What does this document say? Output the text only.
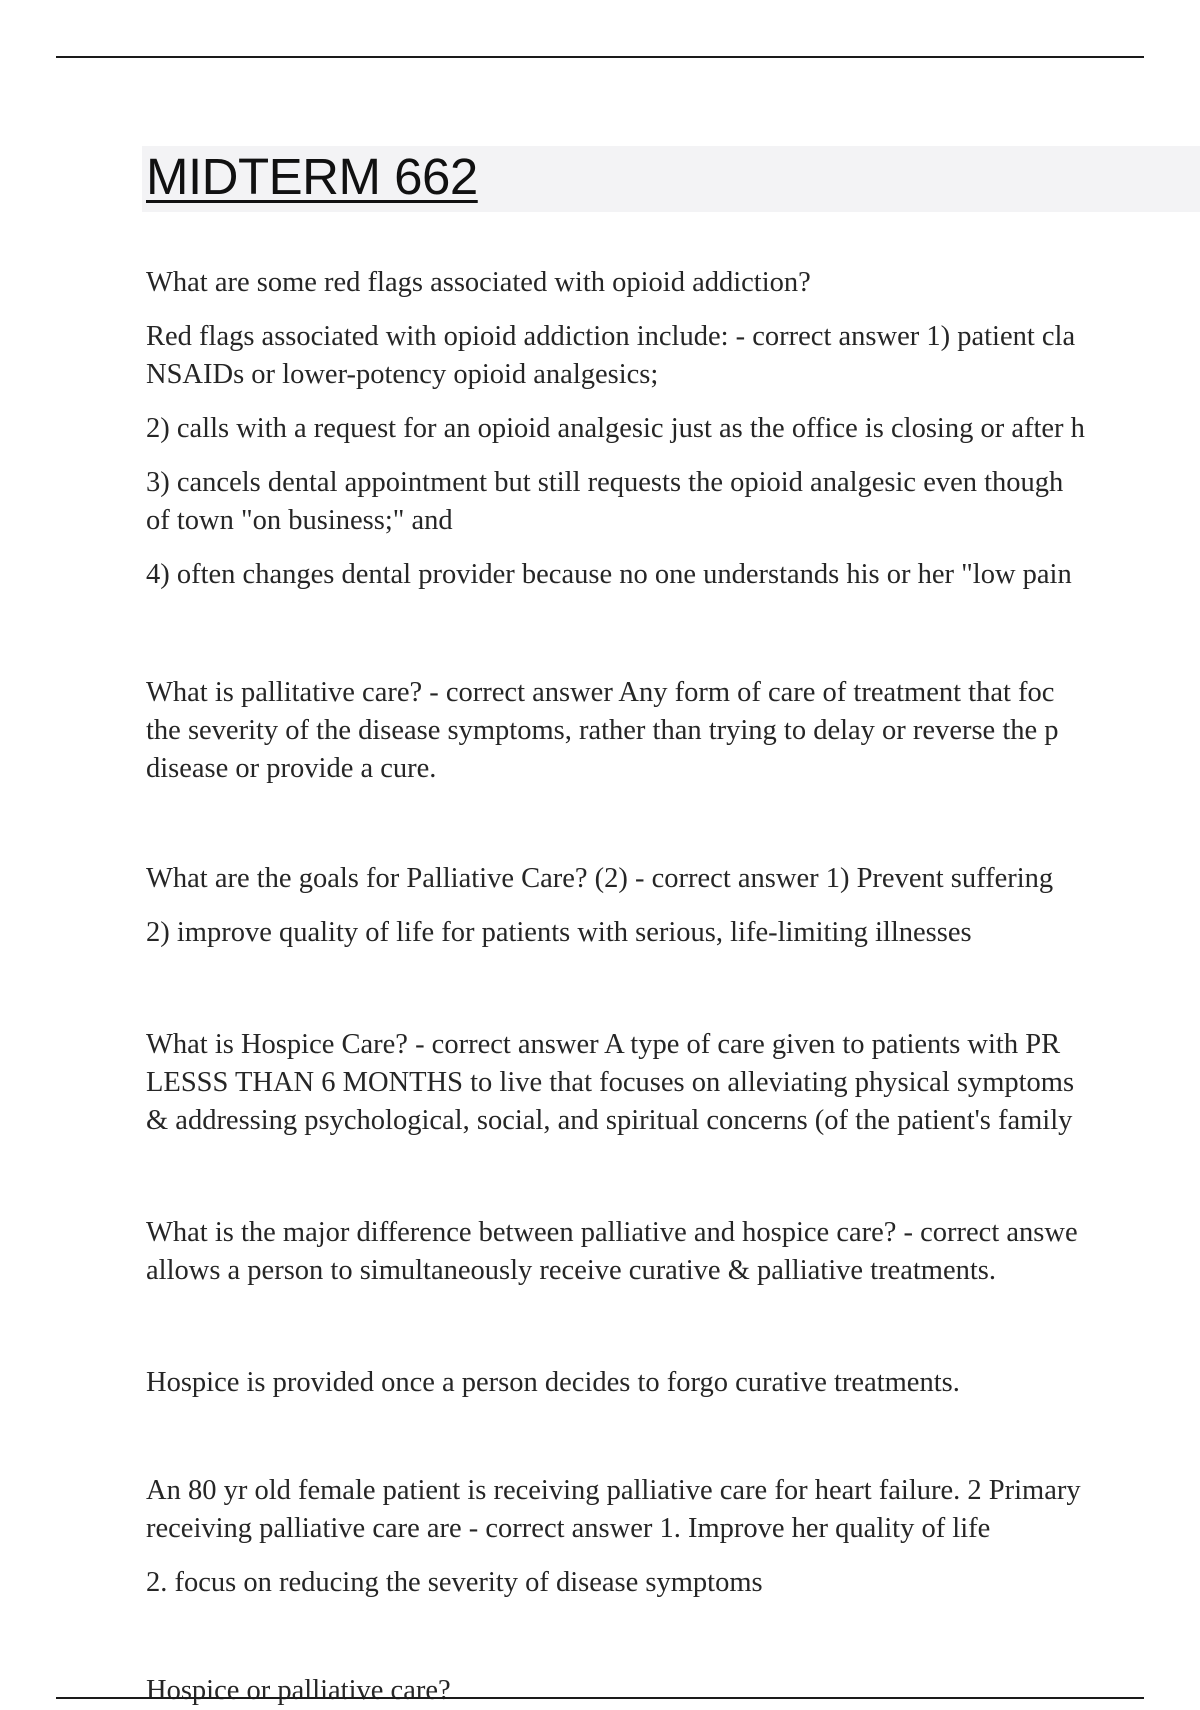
MIDTERM 662

What are some red flags associated with opioid addiction?

Red flags associated with opioid addiction include: - correct answer 1) patient cla

NSAIDs or lower-potency opioid analgesics;

2) calls with a request for an opioid analgesic just as the office is closing or after h

3) cancels dental appointment but still requests the opioid analgesic even though

of town "on business;" and

4) often changes dental provider because no one understands his or her "low pain

What is pallitative care? - correct answer Any form of care of treatment that foc

the severity of the disease symptoms, rather than trying to delay or reverse the p

disease or provide a cure.

What are the goals for Palliative Care? (2) - correct answer 1) Prevent suffering

2) improve quality of life for patients with serious, life-limiting illnesses

What is Hospice Care? - correct answer A type of care given to patients with PR

LESSS THAN 6 MONTHS to live that focuses on alleviating physical symptoms

& addressing psychological, social, and spiritual concerns (of the patient's family

What is the major difference between palliative and hospice care? - correct answe

allows a person to simultaneously receive curative & palliative treatments.

Hospice is provided once a person decides to forgo curative treatments.

An 80 yr old female patient is receiving palliative care for heart failure. 2 Primary

receiving palliative care are - correct answer 1. Improve her quality of life

2. focus on reducing the severity of disease symptoms

Hospice or palliative care?
